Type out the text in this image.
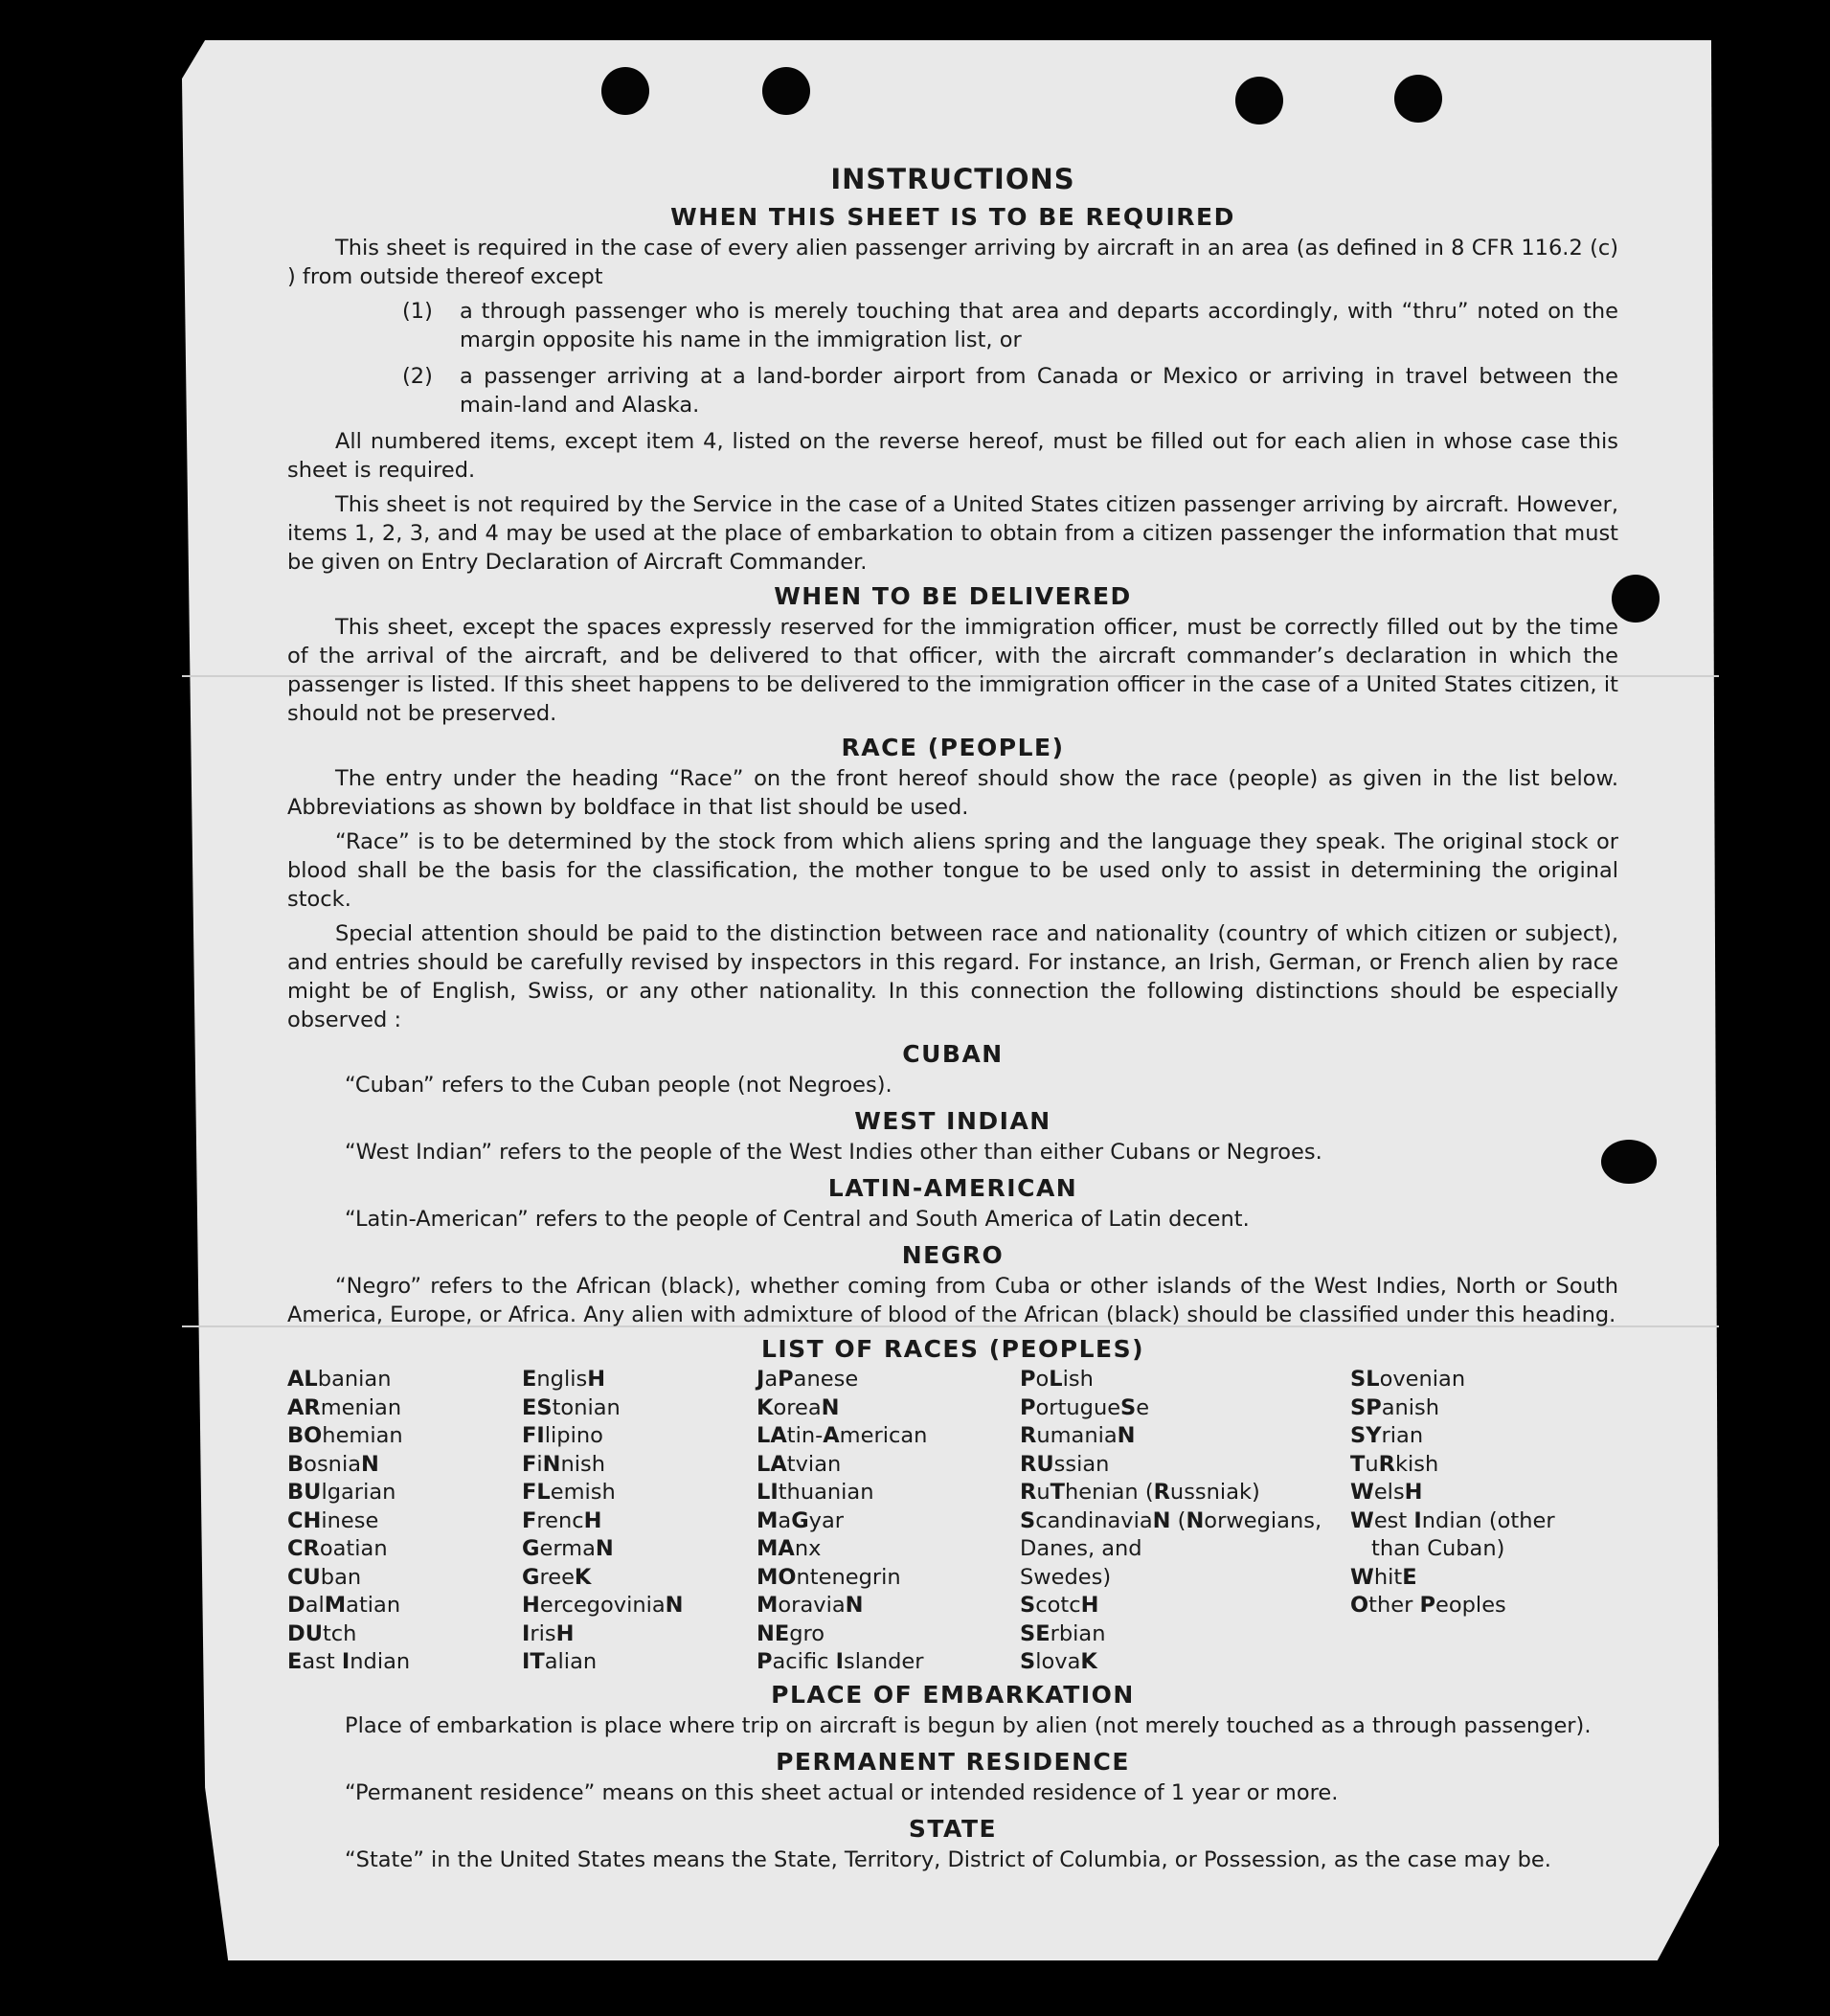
INSTRUCTIONS
WHEN THIS SHEET IS TO BE REQUIRED

This sheet is required in the case of every alien passenger arriving by aircraft in an area (as defined in 8 CFR 116.2 (c) ) from outside thereof except

(1)	a through passenger who is merely touching that area and departs accordingly, with “thru” noted on the margin opposite his name in the immigration list, or
(2)	a passenger arriving at a land-border airport from Canada or Mexico or arriving in travel between the main-land and Alaska.

All numbered items, except item 4, listed on the reverse hereof, must be filled out for each alien in whose case this sheet is required.

This sheet is not required by the Service in the case of a United States citizen passenger arriving by aircraft. However, items 1, 2, 3, and 4 may be used at the place of embarkation to obtain from a citizen passenger the information that must be given on Entry Declaration of Aircraft Commander.

WHEN TO BE DELIVERED

This sheet, except the spaces expressly reserved for the immigration officer, must be correctly filled out by the time of the arrival of the aircraft, and be delivered to that officer, with the aircraft commander’s declaration in which the passenger is listed. If this sheet happens to be delivered to the immigration officer in the case of a United States citizen, it should not be preserved.

RACE (PEOPLE)

The entry under the heading “Race” on the front hereof should show the race (people) as given in the list below. Abbreviations as shown by boldface in that list should be used.

“Race” is to be determined by the stock from which aliens spring and the language they speak. The original stock or blood shall be the basis for the classification, the mother tongue to be used only to assist in determining the original stock.

Special attention should be paid to the distinction between race and nationality (country of which citizen or subject), and entries should be carefully revised by inspectors in this regard. For instance, an Irish, German, or French alien by race might be of English, Swiss, or any other nationality. In this connection the following distinctions should be especially observed :

CUBAN

“Cuban” refers to the Cuban people (not Negroes).

WEST INDIAN

“West Indian” refers to the people of the West Indies other than either Cubans or Negroes.

LATIN-AMERICAN

“Latin-American” refers to the people of Central and South America of Latin decent.

NEGRO

“Negro” refers to the African (black), whether coming from Cuba or other islands of the West Indies, North or South America, Europe, or Africa. Any alien with admixture of blood of the African (black) should be classified under this heading.

LIST OF RACES (PEOPLES)
ALbanian
ARmenian
BOhemian
BosniaN
BUlgarian
CHinese
CRoatian
CUban
DalMatian
DUtch
East Indian
EnglisH
EStonian
FIlipino
FiNnish
FLemish
FrencH
GermaN
GreeK
HercegoviniaN
IrisH
ITalian
JaPanese
KoreaN
LAtin-American
LAtvian
LIthuanian
MaGyar
MAnx
MOntenegrin
MoraviaN
NEgro
Pacifc Islander
PoLish
PortugueSe
RumaniaN
RUssian
RuThenian (Russniak)
ScandinaviaN (Norwegians,
Danes, and
Swedes)
ScotcH
SErbian
SlovaK
SLovenian
SPanish
SYrian
TuRkish
WelsH
West Indian (other
than Cuban)
WhitE
Other Peoples
PLACE OF EMBARKATION

Place of embarkation is place where trip on aircraft is begun by alien (not merely touched as a through passenger).

PERMANENT RESIDENCE

“Permanent residence” means on this sheet actual or intended residence of 1 year or more.

STATE

“State” in the United States means the State, Territory, District of Columbia, or Possession, as the case may be.
